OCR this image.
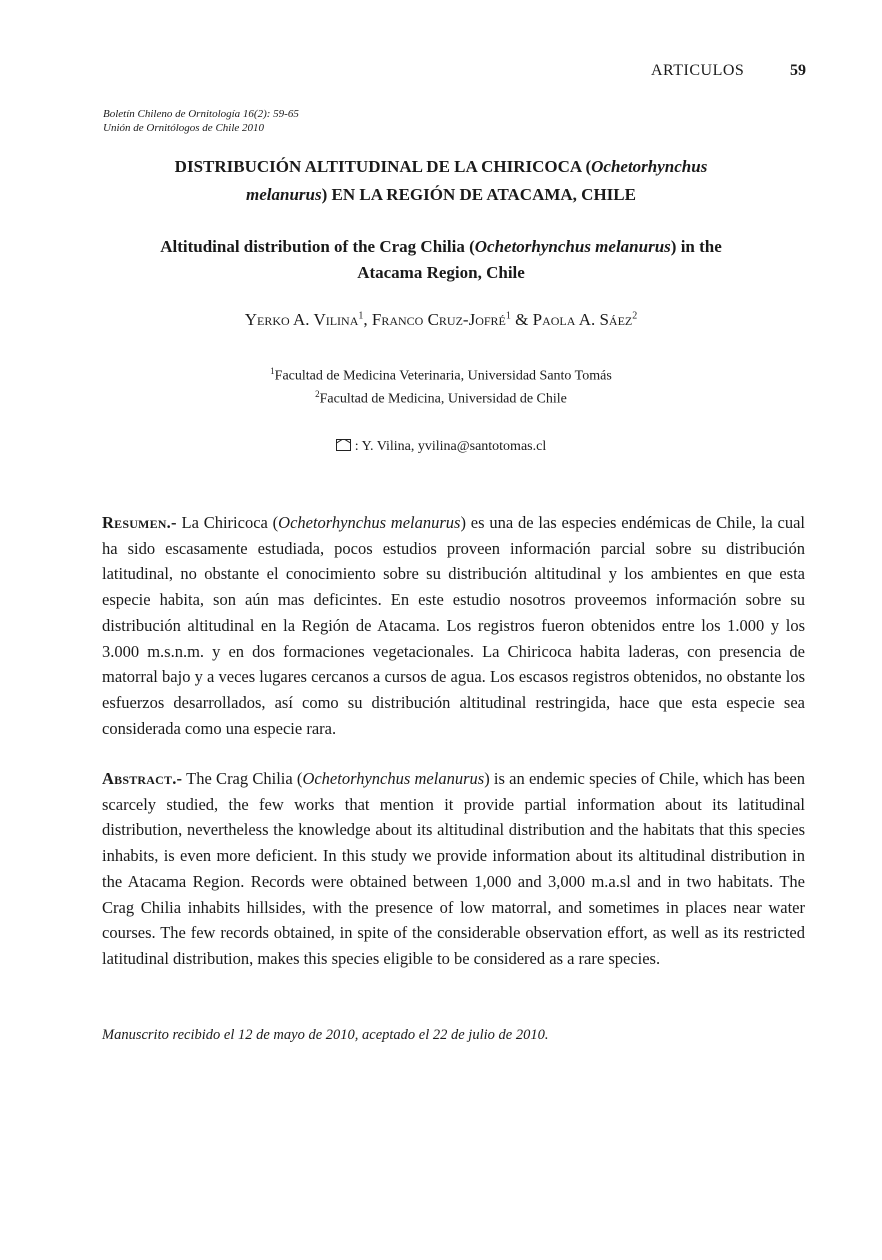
ARTICULOS	59
Boletín Chileno de Ornitología 16(2): 59-65
Unión de Ornitólogos de Chile 2010
DISTRIBUCIÓN ALTITUDINAL DE LA CHIRICOCA (Ochetorhynchus
melanurus) EN LA REGIÓN DE ATACAMA, CHILE
Altitudinal distribution of the Crag Chilia (Ochetorhynchus melanurus) in the
Atacama Region, Chile
Yerko A. Vilina$^1$, Franco Cruz-Jofré$^1$ & Paola A. Sáez$^2$
$^1$Facultad de Medicina Veterinaria, Universidad Santo Tomás
$^2$Facultad de Medicina, Universidad de Chile
: Y. Vilina, yvilina@santotomas.cl
Resumen.- La Chiricoca (Ochetorhynchus melanurus) es una de las especies endémicas de Chile, la cual ha sido escasamente estudiada, pocos estudios proveen información parcial sobre su distribución latitudinal, no obstante el conocimiento sobre su distribución altitudinal y los ambientes en que esta especie habita, son aún mas deficintes. En este estudio nosotros proveemos información sobre su distribución altitudinal en la Región de Atacama. Los registros fueron obtenidos entre los 1.000 y los 3.000 m.s.n.m. y en dos formaciones vegetacionales. La Chiricoca habita laderas, con presencia de matorral bajo y a veces lugares cercanos a cursos de agua. Los escasos registros obtenidos, no obstante los esfuerzos desarrollados, así como su distribución altitudinal restringida, hace que esta especie sea considerada como una especie rara.
Abstract.- The Crag Chilia (Ochetorhynchus melanurus) is an endemic species of Chile, which has been scarcely studied, the few works that mention it provide partial information about its latitudinal distribution, nevertheless the knowledge about its altitudinal distribution and the habitats that this species inhabits, is even more deficient. In this study we provide information about its altitudinal distribution in the Atacama Region. Records were obtained between 1,000 and 3,000 m.a.sl and in two habitats. The Crag Chilia inhabits hillsides, with the presence of low matorral, and sometimes in places near water courses. The few records obtained, in spite of the considerable observation effort, as well as its restricted latitudinal distribution, makes this species eligible to be considered as a rare species.
Manuscrito recibido el 12 de mayo de 2010, aceptado el 22 de julio de 2010.
